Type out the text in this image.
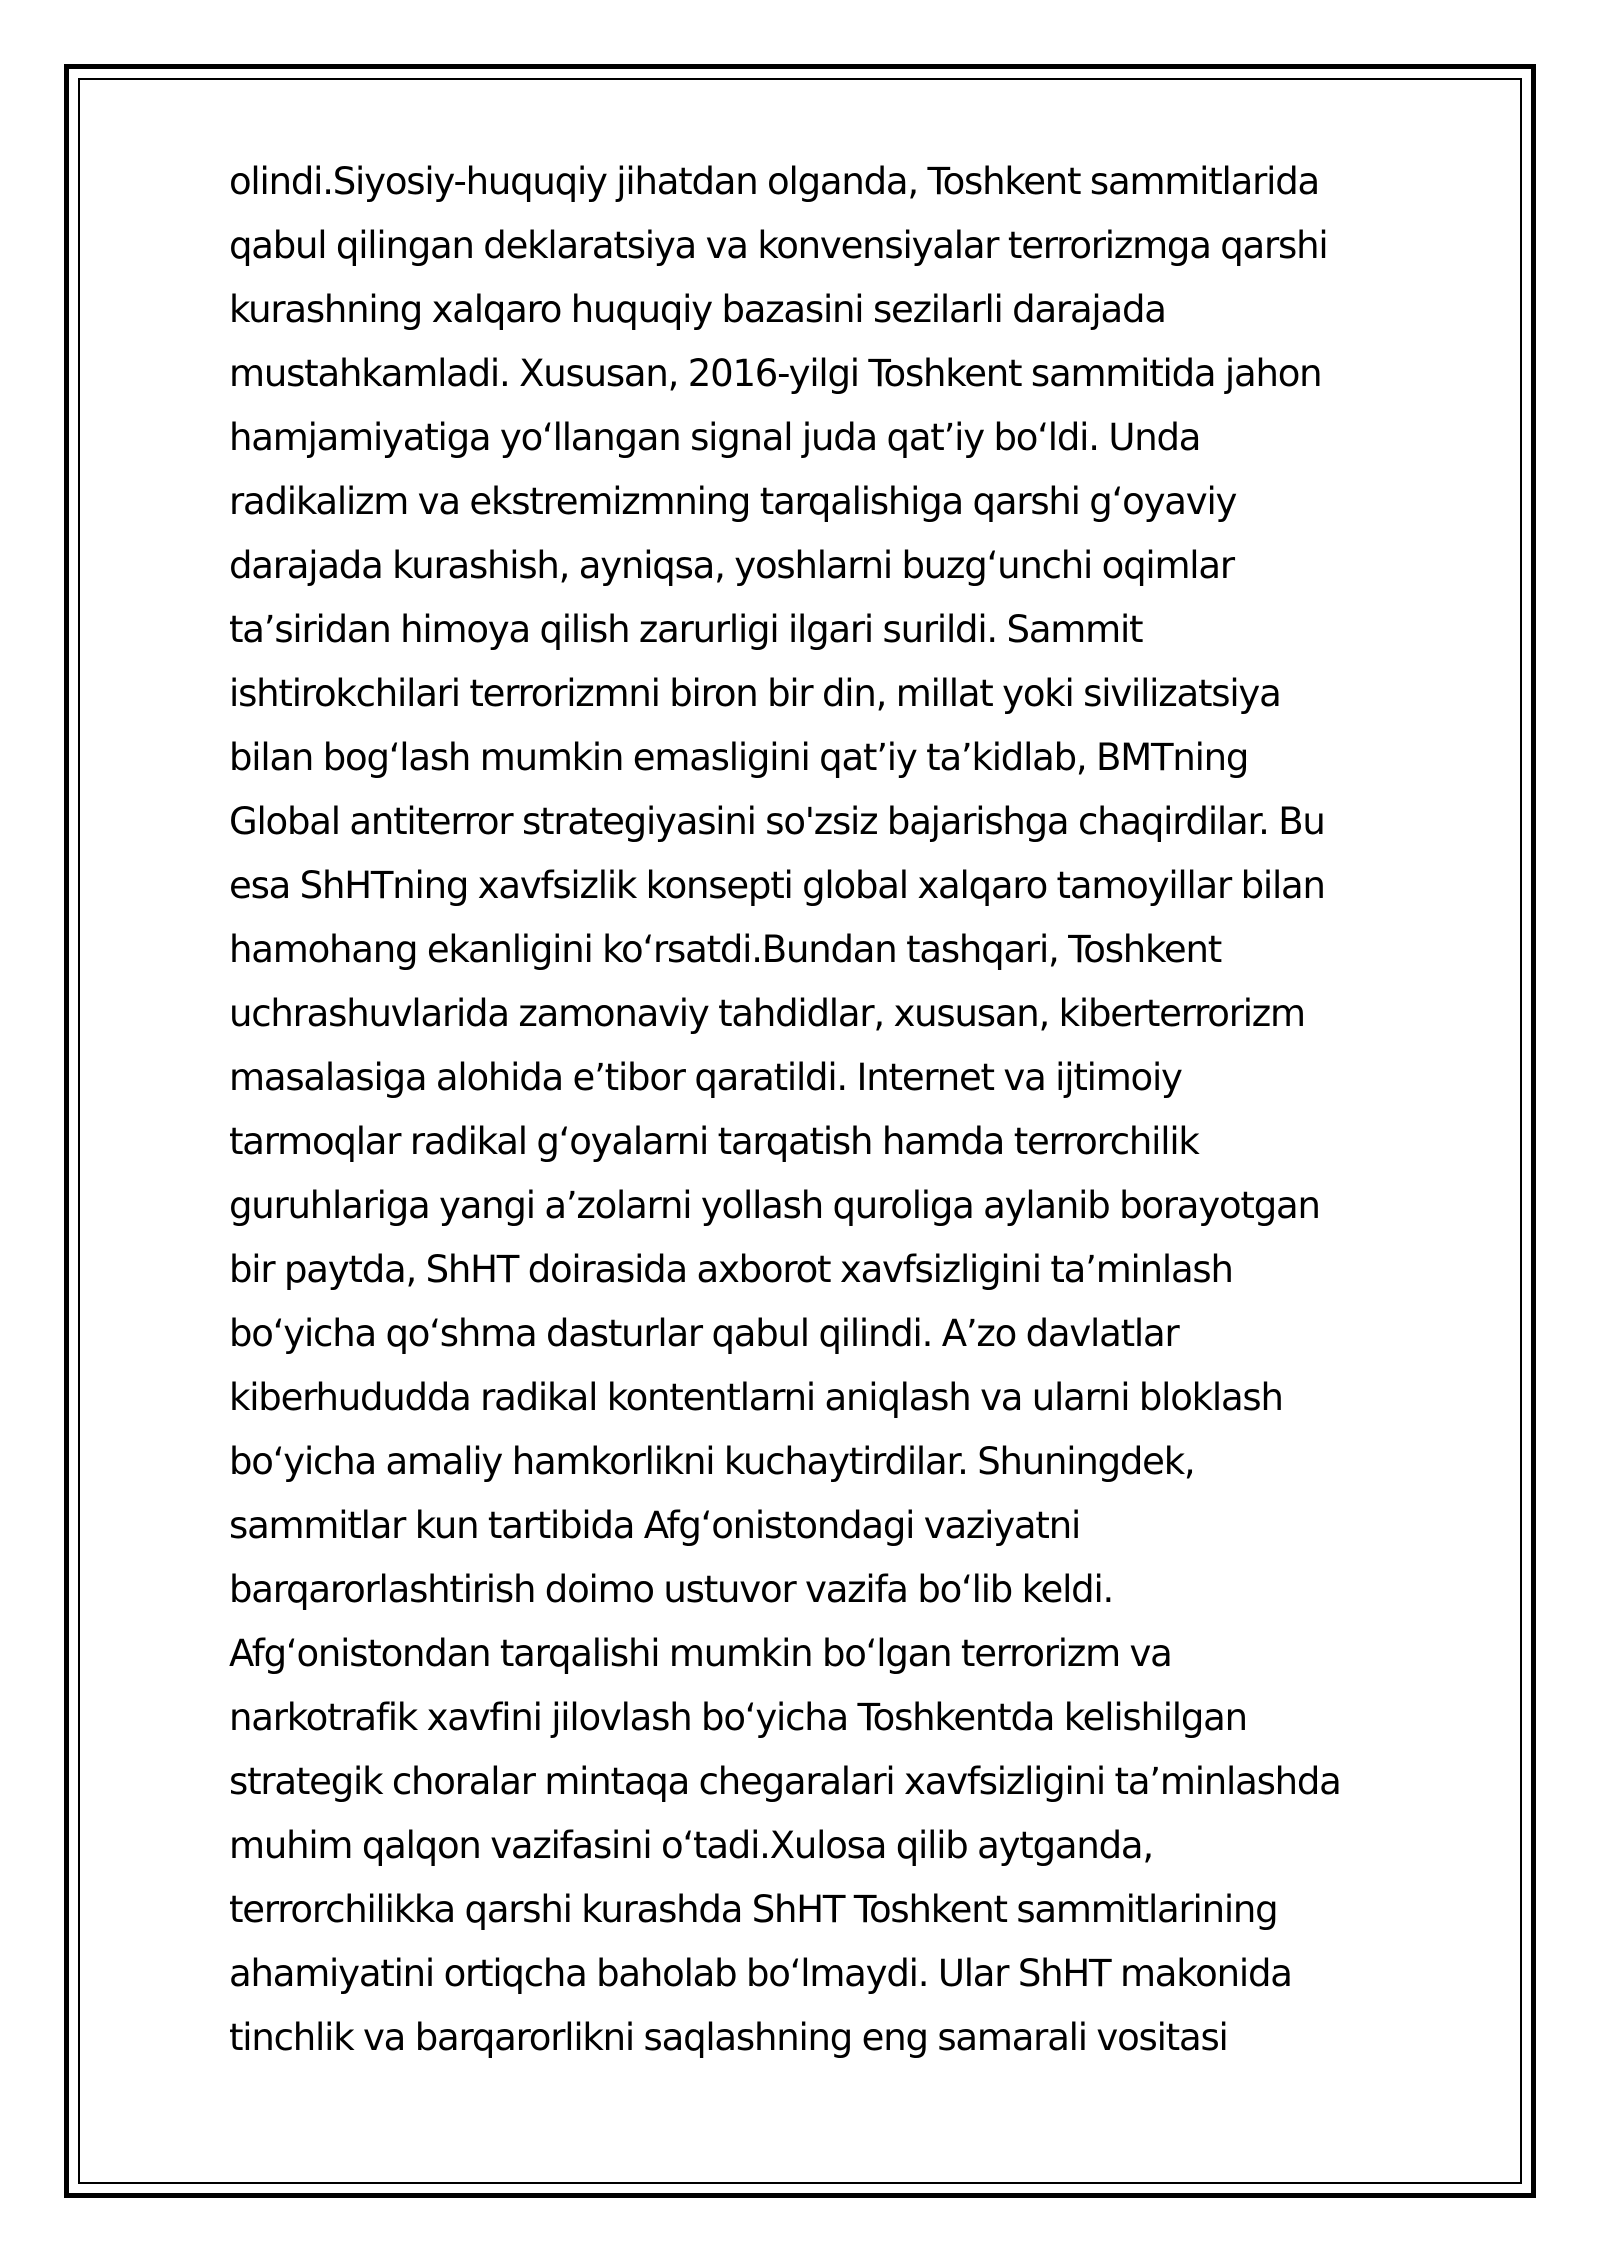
olindi.Siyosiy-huquqiy jihatdan olganda, Toshkent sammitlarida
qabul qilingan deklaratsiya va konvensiyalar terrorizmga qarshi
kurashning xalqaro huquqiy bazasini sezilarli darajada
mustahkamladi. Xususan, 2016-yilgi Toshkent sammitida jahon
hamjamiyatiga yo‘llangan signal juda qat’iy bo‘ldi. Unda
radikalizm va ekstremizmning tarqalishiga qarshi g‘oyaviy
darajada kurashish, ayniqsa, yoshlarni buzg‘unchi oqimlar
ta’siridan himoya qilish zarurligi ilgari surildi. Sammit
ishtirokchilari terrorizmni biron bir din, millat yoki sivilizatsiya
bilan bog‘lash mumkin emasligini qat’iy ta’kidlab, BMTning
Global antiterror strategiyasini so'zsiz bajarishga chaqirdilar. Bu
esa ShHTning xavfsizlik konsepti global xalqaro tamoyillar bilan
hamohang ekanligini ko‘rsatdi.Bundan tashqari, Toshkent
uchrashuvlarida zamonaviy tahdidlar, xususan, kiberterrorizm
masalasiga alohida e’tibor qaratildi. Internet va ijtimoiy
tarmoqlar radikal g‘oyalarni tarqatish hamda terrorchilik
guruhlariga yangi a’zolarni yollash quroliga aylanib borayotgan
bir paytda, ShHT doirasida axborot xavfsizligini ta’minlash
bo‘yicha qo‘shma dasturlar qabul qilindi. A’zo davlatlar
kiberhududda radikal kontentlarni aniqlash va ularni bloklash
bo‘yicha amaliy hamkorlikni kuchaytirdilar. Shuningdek,
sammitlar kun tartibida Afg‘onistondagi vaziyatni
barqarorlashtirish doimo ustuvor vazifa bo‘lib keldi.
Afg‘onistondan tarqalishi mumkin bo‘lgan terrorizm va
narkotrafik xavfini jilovlash bo‘yicha Toshkentda kelishilgan
strategik choralar mintaqa chegaralari xavfsizligini ta’minlashda
muhim qalqon vazifasini o‘tadi.Xulosa qilib aytganda,
terrorchilikka qarshi kurashda ShHT Toshkent sammitlarining
ahamiyatini ortiqcha baholab bo‘lmaydi. Ular ShHT makonida
tinchlik va barqarorlikni saqlashning eng samarali vositasi
